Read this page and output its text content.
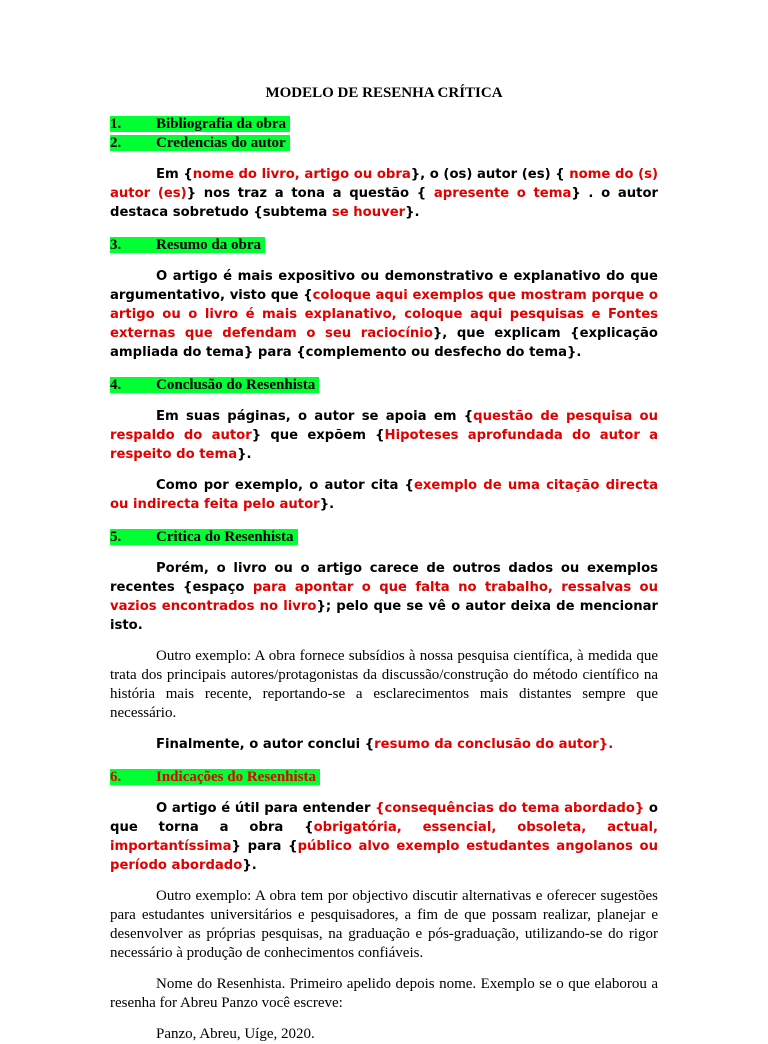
MODELO DE RESENHA CRÍTICA
1. Bibliografia da obra
2. Credencias do autor

Em {nome do livro, artigo ou obra}, o (os) autor (es) { nome do (s) autor (es)} nos traz a tona a questão { apresente o tema} . o autor destaca sobretudo {subtema se houver}.

3. Resumo da obra

O artigo é mais expositivo ou demonstrativo e explanativo do que argumentativo, visto que {coloque aqui exemplos que mostram porque o artigo ou o livro é mais explanativo, coloque aqui pesquisas e Fontes externas que defendam o seu raciocínio}, que explicam {explicação ampliada do tema} para {complemento ou desfecho do tema}.

4. Conclusão do Resenhista

Em suas páginas, o autor se apoia em {questão de pesquisa ou respaldo do autor} que expõem {Hipoteses aprofundada do autor a respeito do tema}.

Como por exemplo, o autor cita {exemplo de uma citação directa ou indirecta feita pelo autor}.

5. Critica do Resenhista

Porém, o livro ou o artigo carece de outros dados ou exemplos recentes {espaço para apontar o que falta no trabalho, ressalvas ou vazios encontrados no livro}; pelo que se vê o autor deixa de mencionar isto.

Outro exemplo: A obra fornece subsídios à nossa pesquisa científica, à medida que trata dos principais autores/protagonistas da discussão/construção do método científico na história mais recente, reportando-se a esclarecimentos mais distantes sempre que necessário.

Finalmente, o autor conclui {resumo da conclusão do autor}.

6. Indicações do Resenhista

O artigo é útil para entender {consequências do tema abordado} o que torna a obra {obrigatória, essencial, obsoleta, actual, importantíssima} para {público alvo exemplo estudantes angolanos ou período abordado}.

Outro exemplo: A obra tem por objectivo discutir alternativas e oferecer sugestões para estudantes universitários e pesquisadores, a fim de que possam realizar, planejar e desenvolver as próprias pesquisas, na graduação e pós-graduação, utilizando-se do rigor necessário à produção de conhecimentos confiáveis.

Nome do Resenhista. Primeiro apelido depois nome. Exemplo se o que elaborou a resenha for Abreu Panzo você escreve:

Panzo, Abreu, Uíge, 2020.
